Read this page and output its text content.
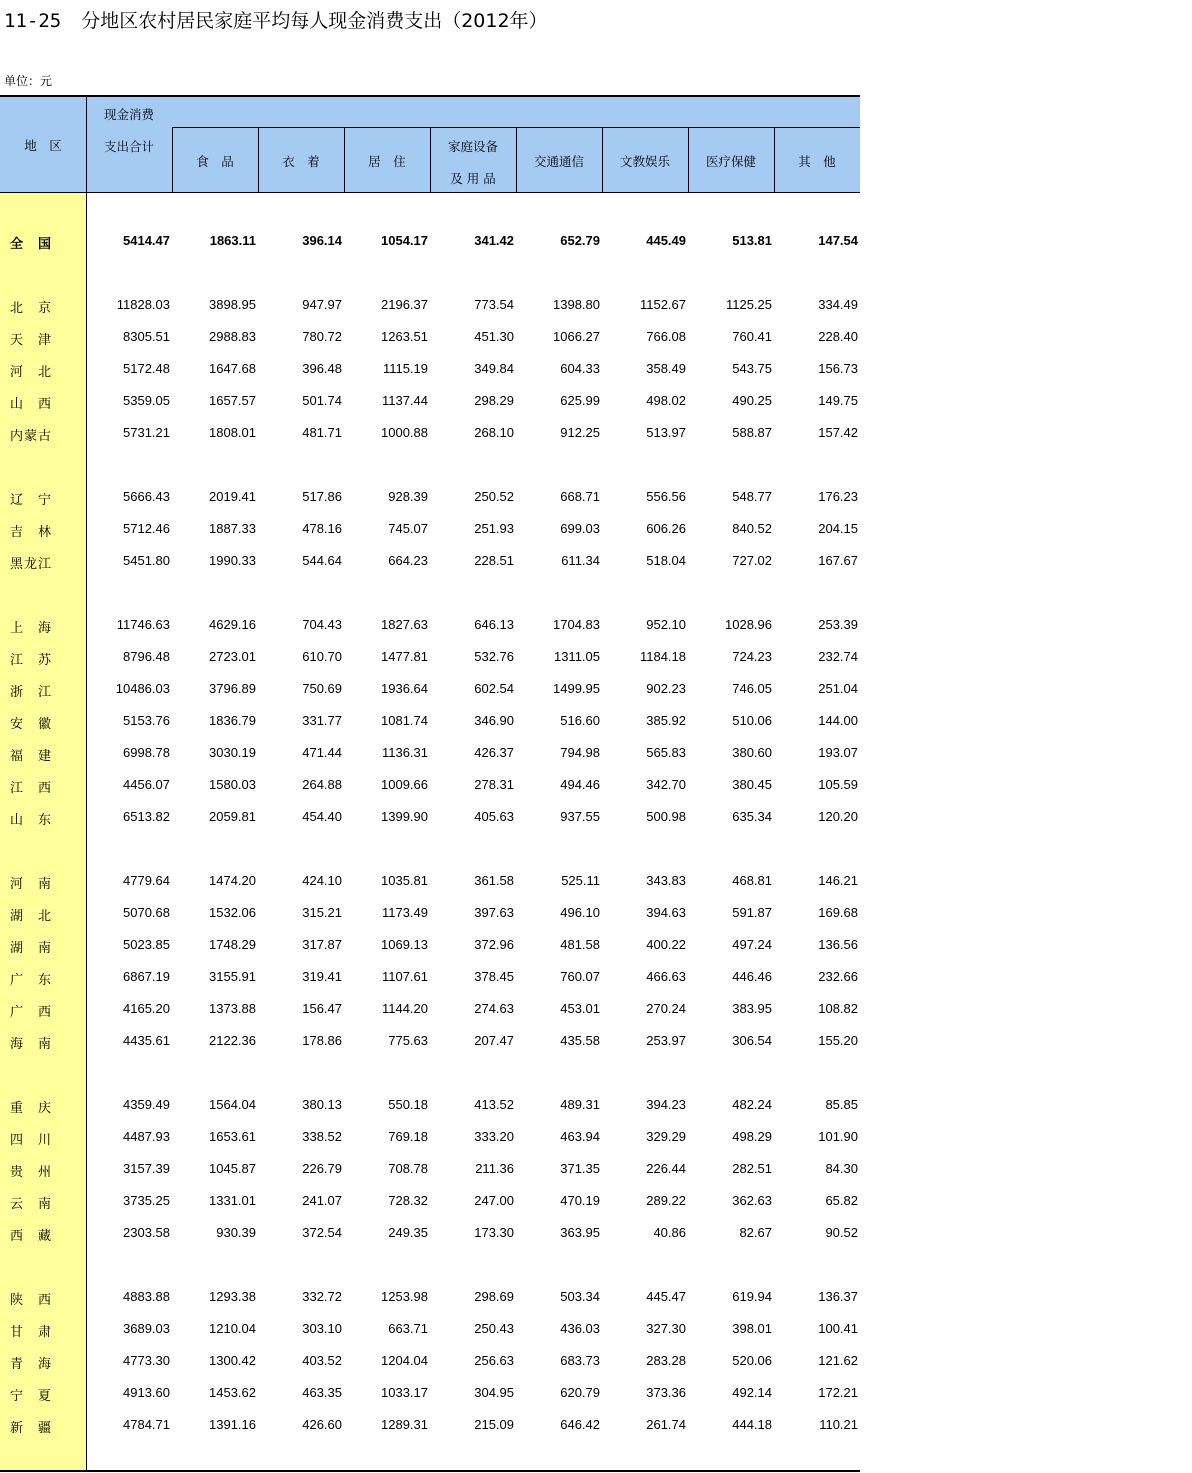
11-25 分地区农村居民家庭平均每人现金消费支出（2012年）
单位：元
地　区
现金消费
支出合计
食　品	衣　着	居　住
家庭设备
及 用 品
交通通信	文教娱乐	医疗保健	其　他
全　国	5414.47	1863.11	396.14	1054.17	341.42	652.79	445.49	513.81	147.54
北　京	11828.03	3898.95	947.97	2196.37	773.54	1398.80	1152.67	1125.25	334.49
天　津	8305.51	2988.83	780.72	1263.51	451.30	1066.27	766.08	760.41	228.40
河　北	5172.48	1647.68	396.48	1115.19	349.84	604.33	358.49	543.75	156.73
山　西	5359.05	1657.57	501.74	1137.44	298.29	625.99	498.02	490.25	149.75
内蒙古	5731.21	1808.01	481.71	1000.88	268.10	912.25	513.97	588.87	157.42
辽　宁	5666.43	2019.41	517.86	928.39	250.52	668.71	556.56	548.77	176.23
吉　林	5712.46	1887.33	478.16	745.07	251.93	699.03	606.26	840.52	204.15
黑龙江	5451.80	1990.33	544.64	664.23	228.51	611.34	518.04	727.02	167.67
上　海	11746.63	4629.16	704.43	1827.63	646.13	1704.83	952.10	1028.96	253.39
江　苏	8796.48	2723.01	610.70	1477.81	532.76	1311.05	1184.18	724.23	232.74
浙　江	10486.03	3796.89	750.69	1936.64	602.54	1499.95	902.23	746.05	251.04
安　徽	5153.76	1836.79	331.77	1081.74	346.90	516.60	385.92	510.06	144.00
福　建	6998.78	3030.19	471.44	1136.31	426.37	794.98	565.83	380.60	193.07
江　西	4456.07	1580.03	264.88	1009.66	278.31	494.46	342.70	380.45	105.59
山　东	6513.82	2059.81	454.40	1399.90	405.63	937.55	500.98	635.34	120.20
河　南	4779.64	1474.20	424.10	1035.81	361.58	525.11	343.83	468.81	146.21
湖　北	5070.68	1532.06	315.21	1173.49	397.63	496.10	394.63	591.87	169.68
湖　南	5023.85	1748.29	317.87	1069.13	372.96	481.58	400.22	497.24	136.56
广　东	6867.19	3155.91	319.41	1107.61	378.45	760.07	466.63	446.46	232.66
广　西	4165.20	1373.88	156.47	1144.20	274.63	453.01	270.24	383.95	108.82
海　南	4435.61	2122.36	178.86	775.63	207.47	435.58	253.97	306.54	155.20
重　庆	4359.49	1564.04	380.13	550.18	413.52	489.31	394.23	482.24	85.85
四　川	4487.93	1653.61	338.52	769.18	333.20	463.94	329.29	498.29	101.90
贵　州	3157.39	1045.87	226.79	708.78	211.36	371.35	226.44	282.51	84.30
云　南	3735.25	1331.01	241.07	728.32	247.00	470.19	289.22	362.63	65.82
西　藏	2303.58	930.39	372.54	249.35	173.30	363.95	40.86	82.67	90.52
陕　西	4883.88	1293.38	332.72	1253.98	298.69	503.34	445.47	619.94	136.37
甘　肃	3689.03	1210.04	303.10	663.71	250.43	436.03	327.30	398.01	100.41
青　海	4773.30	1300.42	403.52	1204.04	256.63	683.73	283.28	520.06	121.62
宁　夏	4913.60	1453.62	463.35	1033.17	304.95	620.79	373.36	492.14	172.21
新　疆	4784.71	1391.16	426.60	1289.31	215.09	646.42	261.74	444.18	110.21
